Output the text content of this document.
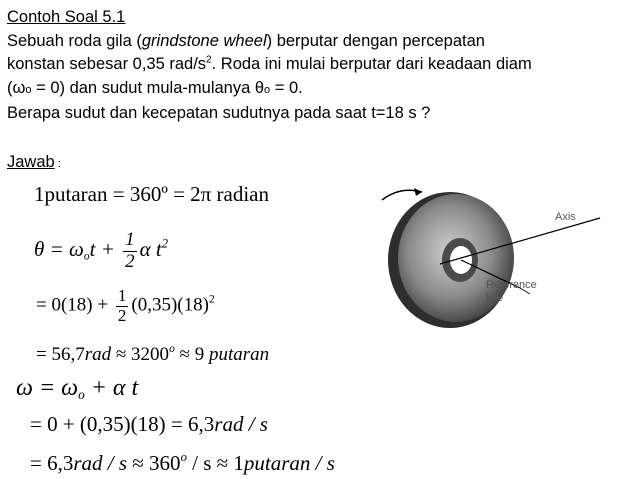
Contoh Soal 5.1

Sebuah roda gila (grindstone wheel) berputar dengan percepatan

konstan sebesar 0,35 rad/$s^2$. Roda ini mulai berputar dari keadaan diam

(ωo = 0) dan sudut mula-mulanya θo = 0.

Berapa sudut dan kecepatan sudutnya pada saat t=18 s ?

Jawab :
1putaran = 360º = 2π radian
$\theta = \omega_ot + \frac{1}{2}$ α $t^2$
= $0(18) + \frac{1}{2} (0,35)(18)^2$
= $56,7rad \approx 3200^o \approx 9$ putaran
$\omega = \omega_o + \alpha$ t
= 0 + (0,35)(18) = 6,3rad / s
= $6,3rad / s \approx 360^o / s$ ≈ 1putaran / s
Axis
Reference
line
